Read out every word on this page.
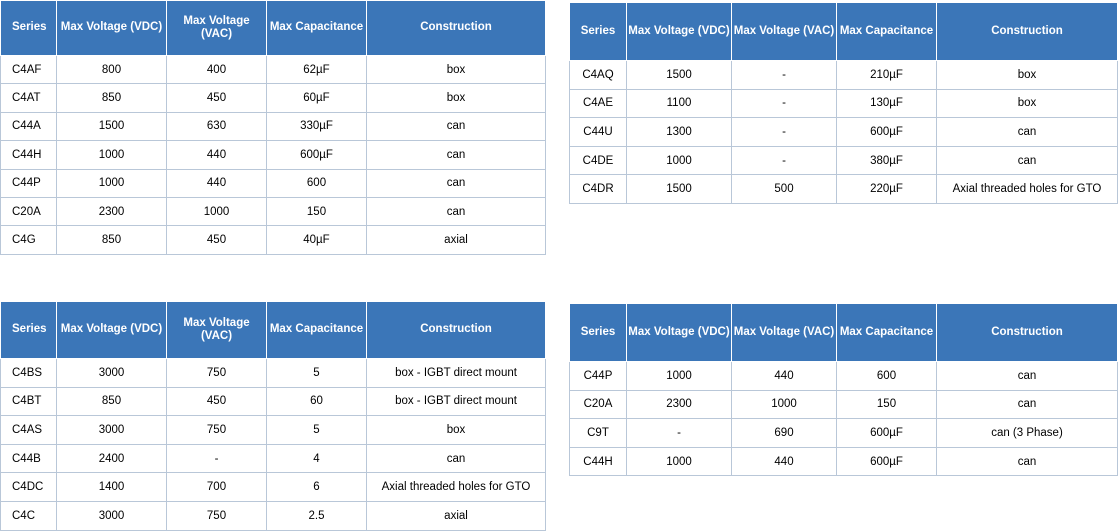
Series	Max Voltage (VDC)	Max Voltage (VAC)	Max Capacitance	Construction
C4AF	800	400	62µF	box
C4AT	850	450	60µF	box
C44A	1500	630	330µF	can
C44H	1000	440	600µF	can
C44P	1000	440	600	can
C20A	2300	1000	150	can
C4G	850	450	40µF	axial
Series	Max Voltage (VDC)	Max Voltage (VAC)	Max Capacitance	Construction
C4AQ	1500	-	210µF	box
C4AE	1100	-	130µF	box
C44U	1300	-	600µF	can
C4DE	1000	-	380µF	can
C4DR	1500	500	220µF	Axial threaded holes for GTO
Series	Max Voltage (VDC)	Max Voltage (VAC)	Max Capacitance	Construction
C4BS	3000	750	5	box - IGBT direct mount
C4BT	850	450	60	box - IGBT direct mount
C4AS	3000	750	5	box
C44B	2400	-	4	can
C4DC	1400	700	6	Axial threaded holes for GTO
C4C	3000	750	2.5	axial
Series	Max Voltage (VDC)	Max Voltage (VAC)	Max Capacitance	Construction
C44P	1000	440	600	can
C20A	2300	1000	150	can
C9T	-	690	600µF	can (3 Phase)
C44H	1000	440	600µF	can
